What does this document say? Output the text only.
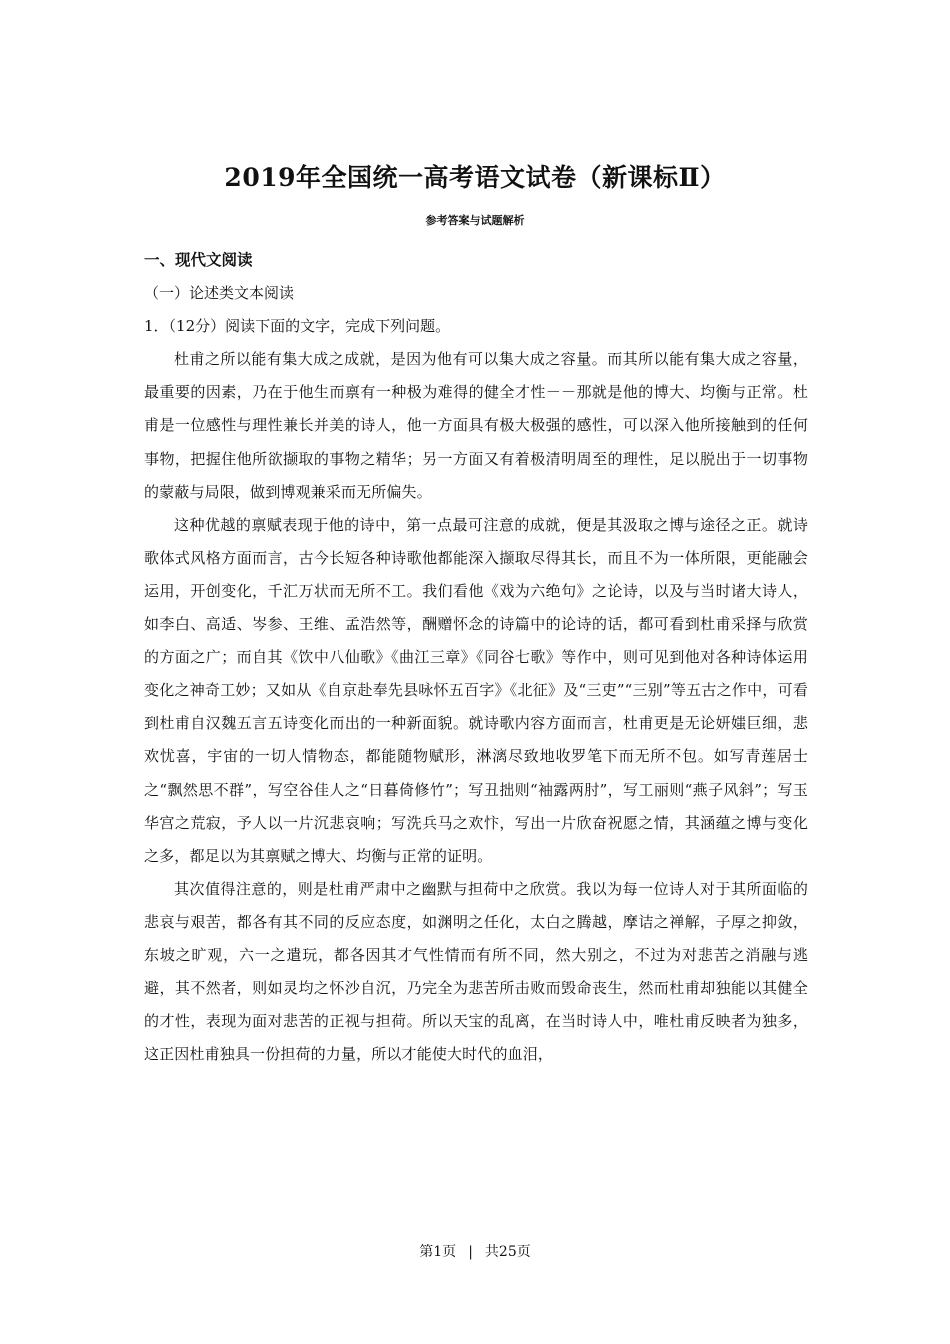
2019年全国统一高考语文试卷（新课标Ⅱ）

参考答案与试题解析

一、现代文阅读

（一）论述类文本阅读

1．（12分）阅读下面的文字，完成下列问题。

杜甫之所以能有集大成之成就，是因为他有可以集大成之容量。而其所以能有集大成之容量，最重要的因素，乃在于他生而禀有一种极为难得的健全才性－－那就是他的博大、均衡与正常。杜甫是一位感性与理性兼长并美的诗人，他一方面具有极大极强的感性，可以深入他所接触到的任何事物，把握住他所欲撷取的事物之精华；另一方面又有着极清明周至的理性，足以脱出于一切事物的蒙蔽与局限，做到博观兼采而无所偏失。

这种优越的禀赋表现于他的诗中，第一点最可注意的成就，便是其汲取之博与途径之正。就诗歌体式风格方面而言，古今长短各种诗歌他都能深入撷取尽得其长，而且不为一体所限，更能融会运用，开创变化，千汇万状而无所不工。我们看他《戏为六绝句》之论诗，以及与当时诸大诗人，如李白、高适、岑参、王维、孟浩然等，酬赠怀念的诗篇中的论诗的话，都可看到杜甫采择与欣赏的方面之广；而自其《饮中八仙歌》《曲江三章》《同谷七歌》等作中，则可见到他对各种诗体运用变化之神奇工妙；又如从《自京赴奉先县咏怀五百字》《北征》及“三吏”“三别”等五古之作中，可看到杜甫自汉魏五言五诗变化而出的一种新面貌。就诗歌内容方面而言，杜甫更是无论妍媸巨细，悲欢忧喜，宇宙的一切人情物态，都能随物赋形，淋漓尽致地收罗笔下而无所不包。如写青莲居士之“飘然思不群”，写空谷佳人之“日暮倚修竹”；写丑拙则“袖露两肘”，写工丽则“燕子风斜”；写玉华宫之荒寂，予人以一片沉悲哀响；写洗兵马之欢忭，写出一片欣奋祝愿之情，其涵蕴之博与变化之多，都足以为其禀赋之博大、均衡与正常的证明。

其次值得注意的，则是杜甫严肃中之幽默与担荷中之欣赏。我以为每一位诗人对于其所面临的悲哀与艰苦，都各有其不同的反应态度，如渊明之任化，太白之腾越，摩诘之禅解，子厚之抑敛，东坡之旷观，六一之遣玩，都各因其才气性情而有所不同，然大别之，不过为对悲苦之消融与逃避，其不然者，则如灵均之怀沙自沉，乃完全为悲苦所击败而毁命丧生，然而杜甫却独能以其健全的才性，表现为面对悲苦的正视与担荷。所以天宝的乱离，在当时诗人中，唯杜甫反映者为独多，这正因杜甫独具一份担荷的力量，所以才能使大时代的血泪，

第1页 | 共25页
